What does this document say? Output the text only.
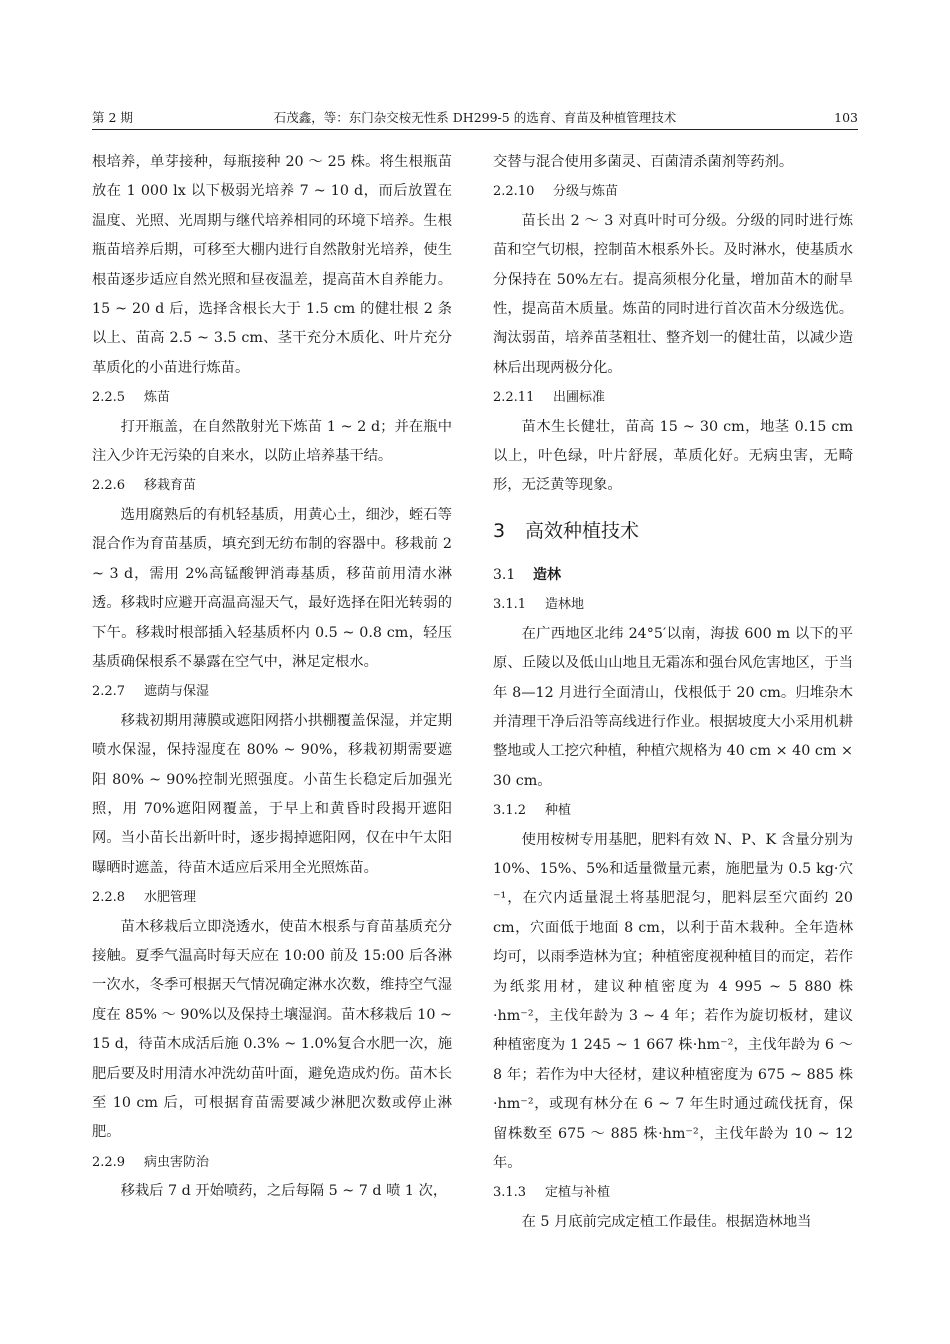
第 2 期	石茂鑫，等：东门杂交桉无性系 DH299-5 的选育、育苗及种植管理技术	103

根培养，单芽接种，每瓶接种 20 ～ 25 株。将生根瓶苗放在 1 000 lx 以下极弱光培养 7 ~ 10 d，而后放置在温度、光照、光周期与继代培养相同的环境下培养。生根瓶苗培养后期，可移至大棚内进行自然散射光培养，使生根苗逐步适应自然光照和昼夜温差，提高苗木自养能力。15 ~ 20 d 后，选择含根长大于 1.5 cm 的健壮根 2 条以上、苗高 2.5 ~ 3.5 cm、茎干充分木质化、叶片充分革质化的小苗进行炼苗。

2.2.5 炼苗

打开瓶盖，在自然散射光下炼苗 1 ~ 2 d；并在瓶中注入少许无污染的自来水，以防止培养基干结。

2.2.6 移栽育苗

选用腐熟后的有机轻基质，用黄心土，细沙，蛭石等混合作为育苗基质，填充到无纺布制的容器中。移栽前 2 ~ 3 d，需用 2%高锰酸钾消毒基质，移苗前用清水淋透。移栽时应避开高温高湿天气，最好选择在阳光转弱的下午。移栽时根部插入轻基质杯内 0.5 ~ 0.8 cm，轻压基质确保根系不暴露在空气中，淋足定根水。

2.2.7 遮荫与保湿

移栽初期用薄膜或遮阳网搭小拱棚覆盖保湿，并定期喷水保湿，保持湿度在 80% ~ 90%，移栽初期需要遮阳 80% ~ 90%控制光照强度。小苗生长稳定后加强光照，用 70%遮阳网覆盖，于早上和黄昏时段揭开遮阳网。当小苗长出新叶时，逐步揭掉遮阳网，仅在中午太阳曝晒时遮盖，待苗木适应后采用全光照炼苗。

2.2.8 水肥管理

苗木移栽后立即浇透水，使苗木根系与育苗基质充分接触。夏季气温高时每天应在 10:00 前及 15:00 后各淋一次水，冬季可根据天气情况确定淋水次数，维持空气湿度在 85% ～ 90%以及保持土壤湿润。苗木移栽后 10 ~ 15 d，待苗木成活后施 0.3% ~ 1.0%复合水肥一次，施肥后要及时用清水冲洗幼苗叶面，避免造成灼伤。苗木长至 10 cm 后，可根据育苗需要减少淋肥次数或停止淋肥。

2.2.9 病虫害防治

移栽后 7 d 开始喷药，之后每隔 5 ~ 7 d 喷 1 次，

交替与混合使用多菌灵、百菌清杀菌剂等药剂。

2.2.10 分级与炼苗

苗长出 2 ～ 3 对真叶时可分级。分级的同时进行炼苗和空气切根，控制苗木根系外长。及时淋水，使基质水分保持在 50%左右。提高须根分化量，增加苗木的耐旱性，提高苗木质量。炼苗的同时进行首次苗木分级选优。淘汰弱苗，培养苗茎粗壮、整齐划一的健壮苗，以减少造林后出现两极分化。

2.2.11 出圃标准

苗木生长健壮，苗高 15 ~ 30 cm，地茎 0.15 cm 以上，叶色绿，叶片舒展，革质化好。无病虫害，无畸形，无泛黄等现象。

3 高效种植技术
3.1 造林
3.1.1 造林地

在广西地区北纬 24°5′以南，海拔 600 m 以下的平原、丘陵以及低山山地且无霜冻和强台风危害地区，于当年 8—12 月进行全面清山，伐根低于 20 cm。归堆杂木并清理干净后沿等高线进行作业。根据坡度大小采用机耕整地或人工挖穴种植，种植穴规格为 40 cm × 40 cm × 30 cm。

3.1.2 种植

使用桉树专用基肥，肥料有效 N、P、K 含量分别为 10%、15%、5%和适量微量元素，施肥量为 0.5 kg·穴⁻¹，在穴内适量混土将基肥混匀，肥料层至穴面约 20 cm，穴面低于地面 8 cm，以利于苗木栽种。全年造林均可，以雨季造林为宜；种植密度视种植目的而定，若作为纸浆用材，建议种植密度为 4 995 ~ 5 880 株·hm⁻²，主伐年龄为 3 ~ 4 年；若作为旋切板材，建议种植密度为 1 245 ~ 1 667 株·hm⁻²，主伐年龄为 6 ～ 8 年；若作为中大径材，建议种植密度为 675 ~ 885 株·hm⁻²，或现有林分在 6 ~ 7 年生时通过疏伐抚育，保留株数至 675 ～ 885 株·hm⁻²，主伐年龄为 10 ~ 12 年。

3.1.3 定植与补植

在 5 月底前完成定植工作最佳。根据造林地当
